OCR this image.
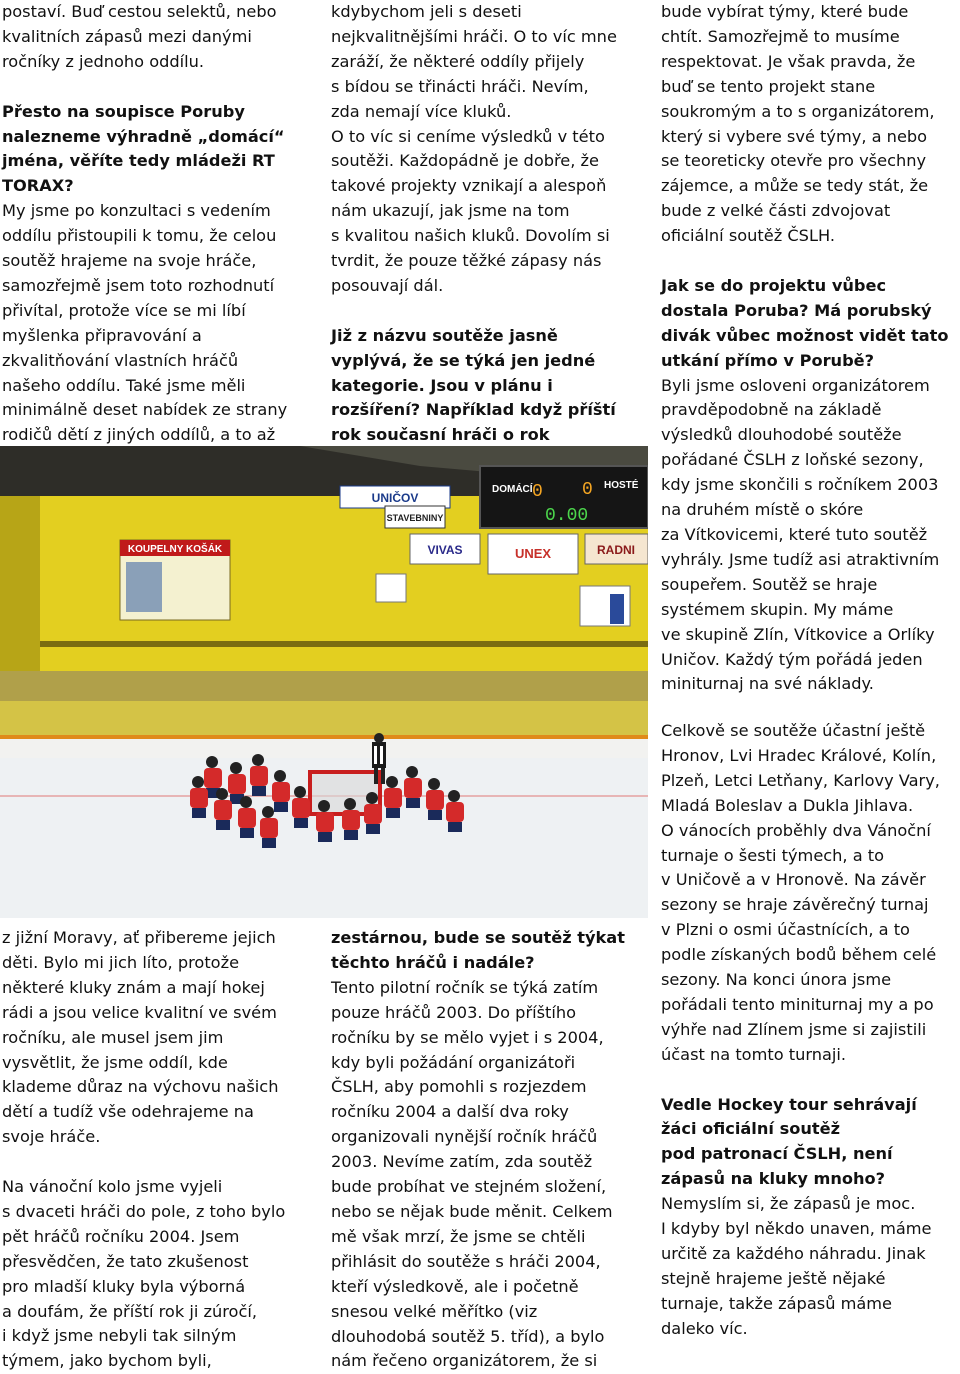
postaví. Buď cestou selektů, nebo
kvalitních zápasů mezi danými
ročníky z jednoho oddílu.

Přesto na soupisce Poruby
nalezneme výhradně „domácí“
jména, věříte tedy mládeži RT
TORAX?

My jsme po konzultaci s vedením
oddílu přistoupili k tomu, že celou
soutěž hrajeme na svoje hráče,
samozřejmě jsem toto rozhodnutí
přivítal, protože více se mi líbí
myšlenka připravování a
zkvalitňování vlastních hráčů
našeho oddílu. Také jsme měli
minimálně deset nabídek ze strany
rodičů dětí z jiných oddílů, a to až

kdybychom jeli s deseti
nejkvalitnějšími hráči. O to víc mne
zaráží, že některé oddíly přijely
s bídou se třinácti hráči. Nevím,
zda nemají více kluků.
O to víc si ceníme výsledků v této
soutěži. Každopádně je dobře, že
takové projekty vznikají a alespoň
nám ukazují, jak jsme na tom
s kvalitou našich kluků. Dovolím si
tvrdit, že pouze těžké zápasy nás
posouvají dál.

Již z názvu soutěže jasně
vyplývá, že se týká jen jedné
kategorie. Jsou v plánu i
rozšíření? Například když příští
rok současní hráči o rok

bude vybírat týmy, které bude
chtít. Samozřejmě to musíme
respektovat. Je však pravda, že
buď se tento projekt stane
soukromým a to s organizátorem,
který si vybere své týmy, a nebo
se teoreticky otevře pro všechny
zájemce, a může se tedy stát, že
bude z velké části zdvojovat
oficiální soutěž ČSLH.

Jak se do projektu vůbec
dostala Poruba? Má porubský
divák vůbec možnost vidět tato
utkání přímo v Porubě?

Byli jsme osloveni organizátorem
pravděpodobně na základě
výsledků dlouhodobé soutěže
pořádané ČSLH z loňské sezony,
kdy jsme skončili s ročníkem 2003
na druhém místě o skóre
za Vítkovicemi, které tuto soutěž
vyhrály. Jsme tudíž asi atraktivním
soupeřem. Soutěž se hraje
systémem skupin. My máme
ve skupině Zlín, Vítkovice a Orlíky
Uničov. Každý tým pořádá jeden
miniturnaj na své náklady.

Celkově se soutěže účastní ještě
Hronov, Lvi Hradec Králové, Kolín,
Plzeň, Letci Letňany, Karlovy Vary,
Mladá Boleslav a Dukla Jihlava.
O vánocích proběhly dva Vánoční
turnaje o šesti týmech, a to
v Uničově a v Hronově. Na závěr
sezony se hraje závěrečný turnaj
v Plzni o osmi účastnících, a to
podle získaných bodů během celé
sezony. Na konci února jsme
pořádali tento miniturnaj my a po
výhře nad Zlínem jsme si zajistili
účast na tomto turnaji.

Vedle Hockey tour sehrávají
žáci oficiální soutěž
pod patronací ČSLH, není
zápasů na kluky mnoho?

Nemyslím si, že zápasů je moc.
I kdyby byl někdo unaven, máme
určitě za každého náhradu. Jinak
stejně hrajeme ještě nějaké
turnaje, takže zápasů máme
daleko víc.

KOUPELNY KOŠÁK
UNIČOV
DOMÁCÍ	HOSTÉ
0 0
0.00
STAVEBNINY
VIVAS	UNEX	RADNI

z jižní Moravy, ať přibereme jejich
děti. Bylo mi jich líto, protože
některé kluky znám a mají hokej
rádi a jsou velice kvalitní ve svém
ročníku, ale musel jsem jim
vysvětlit, že jsme oddíl, kde
klademe důraz na výchovu našich
dětí a tudíž vše odehrajeme na
svoje hráče.

Na vánoční kolo jsme vyjeli
s dvaceti hráči do pole, z toho bylo
pět hráčů ročníku 2004. Jsem
přesvědčen, že tato zkušenost
pro mladší kluky byla výborná
a doufám, že příští rok ji zúročí,
i když jsme nebyli tak silným
týmem, jako bychom byli,

zestárnou, bude se soutěž týkat
těchto hráčů i nadále?

Tento pilotní ročník se týká zatím
pouze hráčů 2003. Do příštího
ročníku by se mělo vyjet i s 2004,
kdy byli požádání organizátoři
ČSLH, aby pomohli s rozjezdem
ročníku 2004 a další dva roky
organizovali nynější ročník hráčů
2003. Nevíme zatím, zda soutěž
bude probíhat ve stejném složení,
nebo se nějak bude měnit. Celkem
mě však mrzí, že jsme se chtěli
přihlásit do soutěže s hráči 2004,
kteří výsledkově, ale i početně
snesou velké měřítko (viz
dlouhodobá soutěž 5. tříd), a bylo
nám řečeno organizátorem, že si
